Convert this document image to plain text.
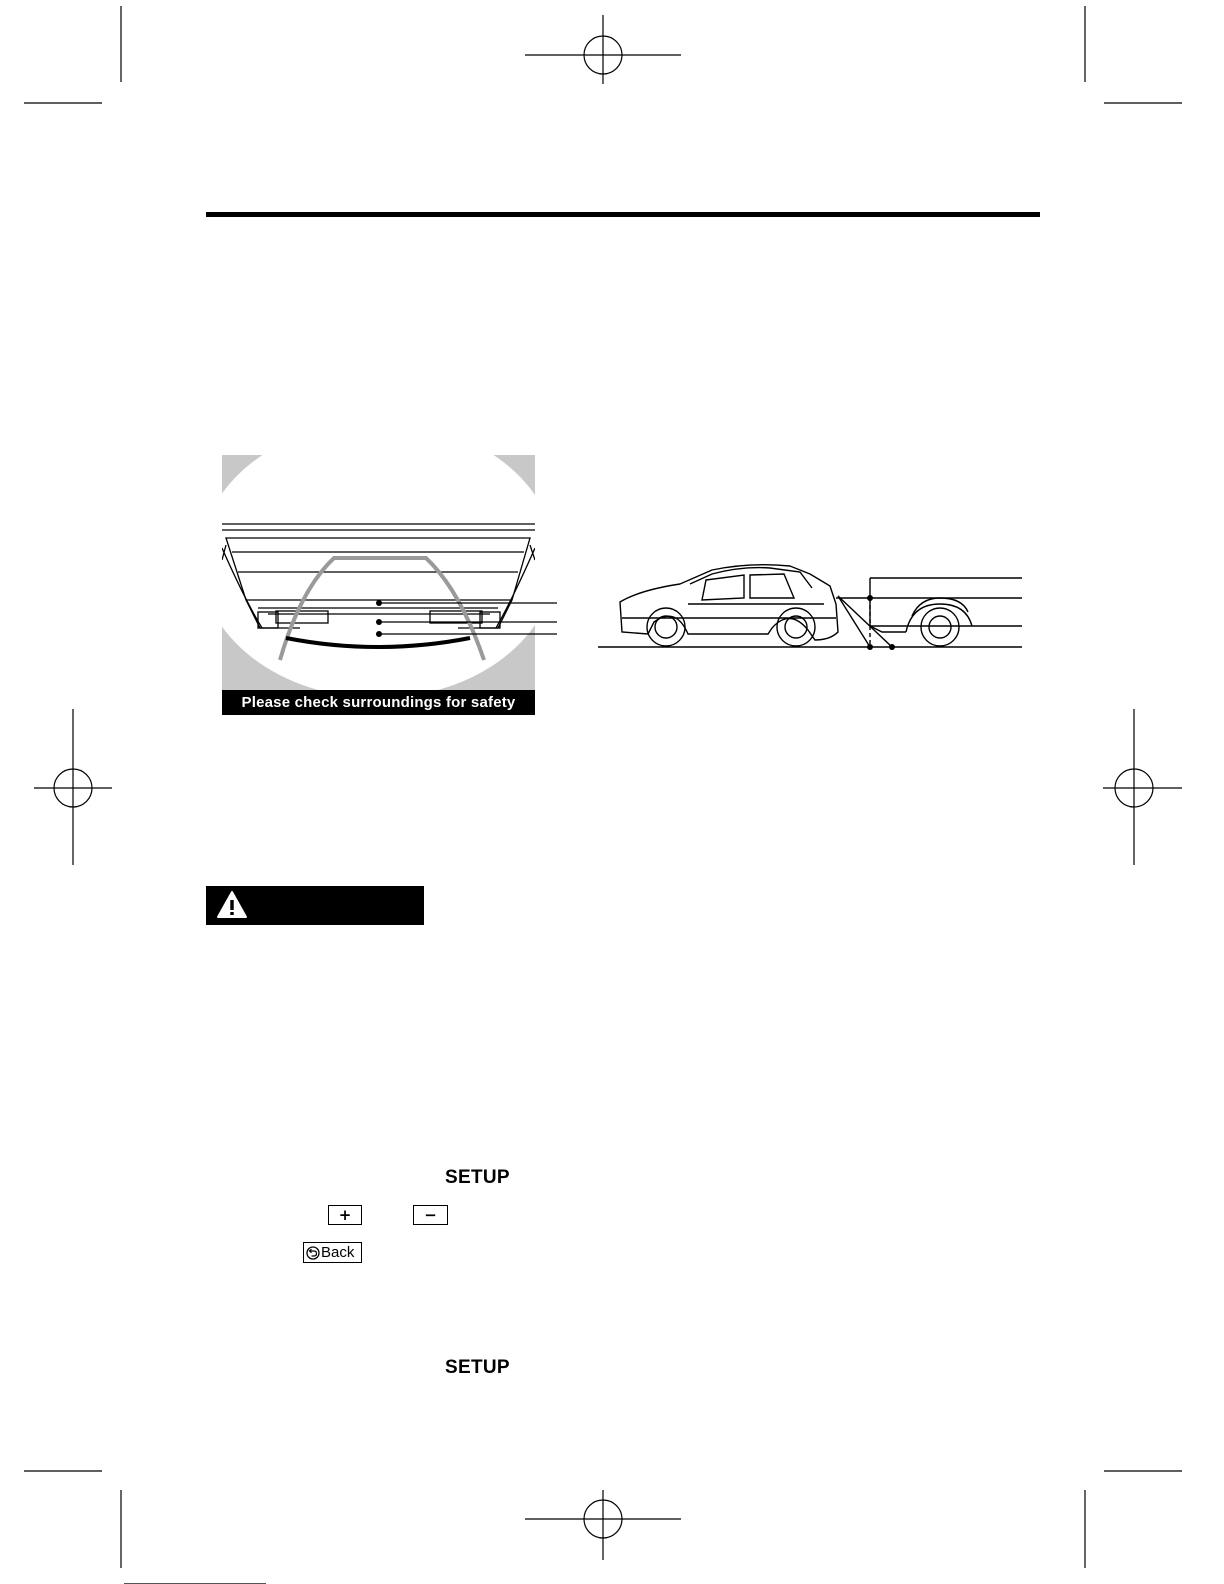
Please check surroundings for safety
SETUP
+	−
Back
SETUP
